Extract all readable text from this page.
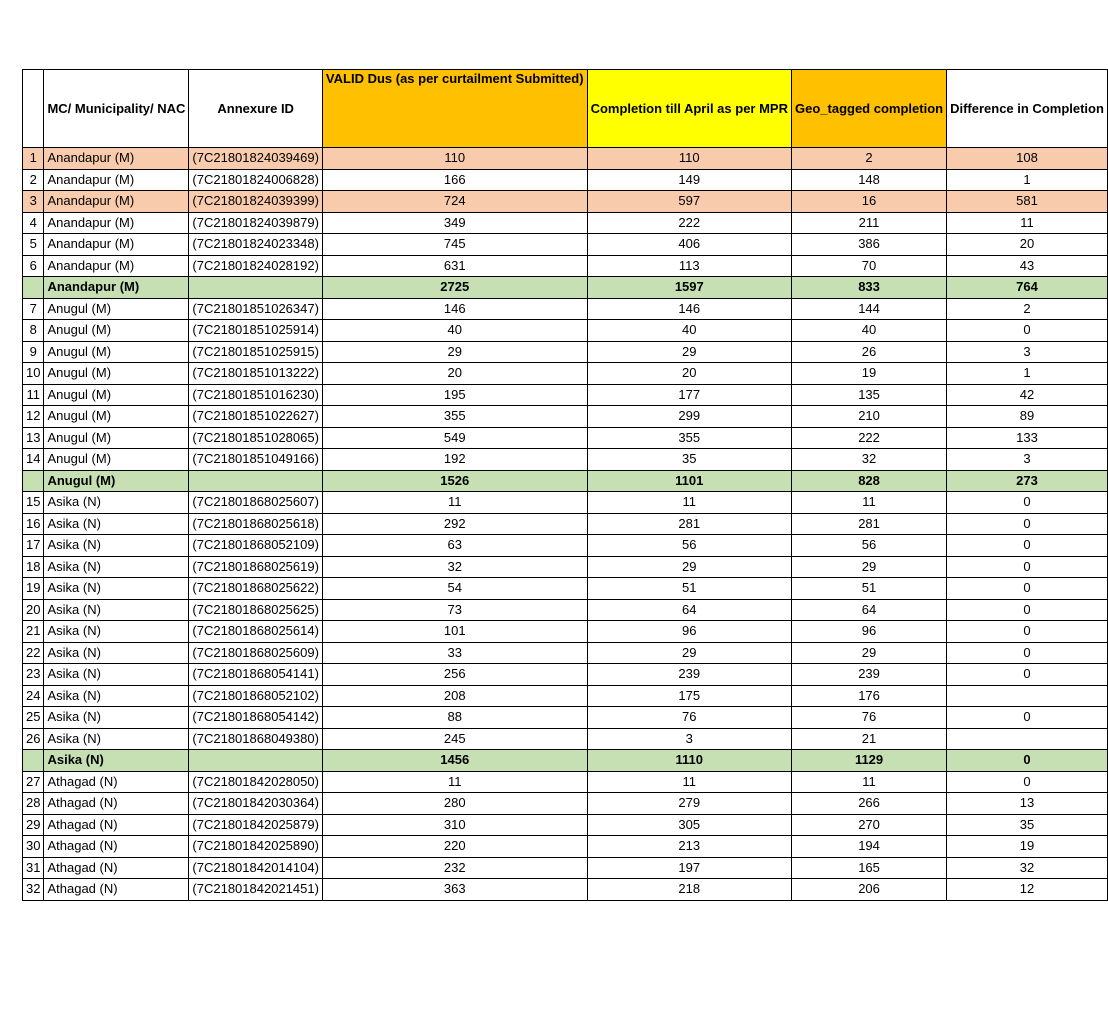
	MC/ Municipality/ NAC	Annexure ID	VALID Dus (as per curtailment Submitted)	Completion till April as per MPR	Geo_tagged completion	Difference in Completion
1	Anandapur (M)	(7C21801824039469)	110	110	2	108
2	Anandapur (M)	(7C21801824006828)	166	149	148	1
3	Anandapur (M)	(7C21801824039399)	724	597	16	581
4	Anandapur (M)	(7C21801824039879)	349	222	211	11
5	Anandapur (M)	(7C21801824023348)	745	406	386	20
6	Anandapur (M)	(7C21801824028192)	631	113	70	43
	Anandapur (M)		2725	1597	833	764
7	Anugul (M)	(7C21801851026347)	146	146	144	2
8	Anugul (M)	(7C21801851025914)	40	40	40	0
9	Anugul (M)	(7C21801851025915)	29	29	26	3
10	Anugul (M)	(7C21801851013222)	20	20	19	1
11	Anugul (M)	(7C21801851016230)	195	177	135	42
12	Anugul (M)	(7C21801851022627)	355	299	210	89
13	Anugul (M)	(7C21801851028065)	549	355	222	133
14	Anugul (M)	(7C21801851049166)	192	35	32	3
	Anugul (M)		1526	1101	828	273
15	Asika (N)	(7C21801868025607)	11	11	11	0
16	Asika (N)	(7C21801868025618)	292	281	281	0
17	Asika (N)	(7C21801868052109)	63	56	56	0
18	Asika (N)	(7C21801868025619)	32	29	29	0
19	Asika (N)	(7C21801868025622)	54	51	51	0
20	Asika (N)	(7C21801868025625)	73	64	64	0
21	Asika (N)	(7C21801868025614)	101	96	96	0
22	Asika (N)	(7C21801868025609)	33	29	29	0
23	Asika (N)	(7C21801868054141)	256	239	239	0
24	Asika (N)	(7C21801868052102)	208	175	176	
25	Asika (N)	(7C21801868054142)	88	76	76	0
26	Asika (N)	(7C21801868049380)	245	3	21	
	Asika (N)		1456	1110	1129	0
27	Athagad (N)	(7C21801842028050)	11	11	11	0
28	Athagad (N)	(7C21801842030364)	280	279	266	13
29	Athagad (N)	(7C21801842025879)	310	305	270	35
30	Athagad (N)	(7C21801842025890)	220	213	194	19
31	Athagad (N)	(7C21801842014104)	232	197	165	32
32	Athagad (N)	(7C21801842021451)	363	218	206	12
